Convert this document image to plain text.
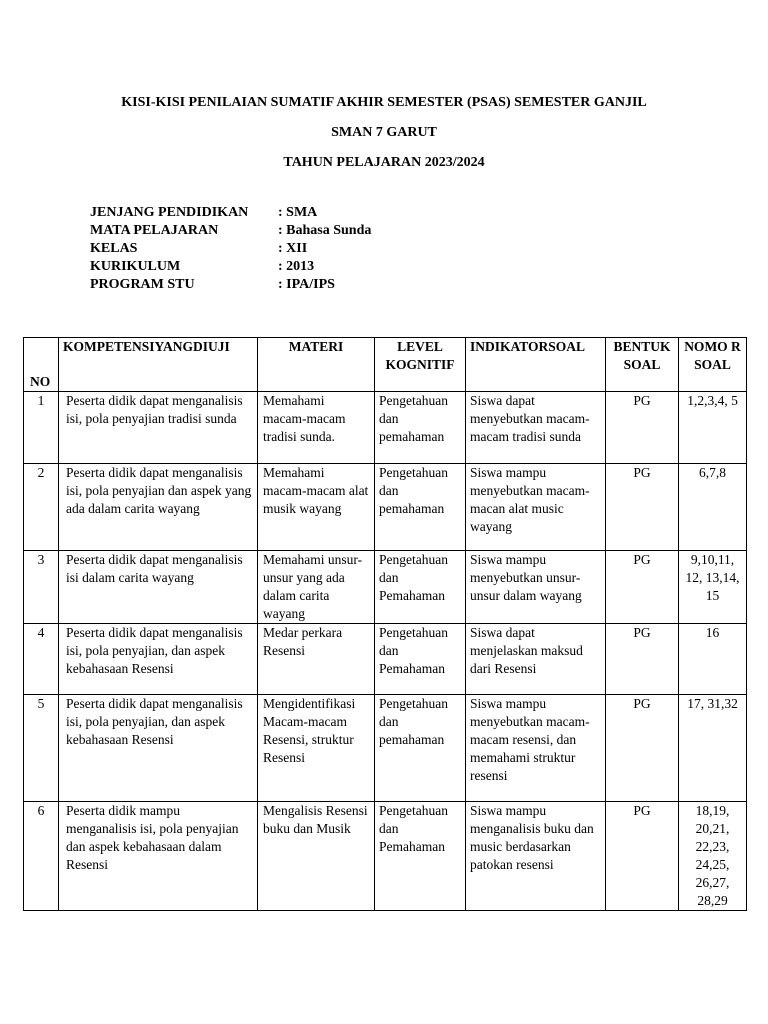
KISI-KISI PENILAIAN SUMATIF AKHIR SEMESTER (PSAS) SEMESTER GANJIL
SMAN 7 GARUT
TAHUN PELAJARAN 2023/2024
JENJANG PENDIDIKAN	: SMA
MATA PELAJARAN	: Bahasa Sunda
KELAS	: XII
KURIKULUM	: 2013
PROGRAM STU	: IPA/IPS
NO	KOMPETENSIYANGDIUJI	MATERI	LEVEL KOGNITIF	INDIKATORSOAL	BENTUK SOAL	NOMO R SOAL
1	Peserta didik dapat menganalisis isi, pola penyajian tradisi sunda	Memahami macam-macam tradisi sunda.	Pengetahuan dan pemahaman	Siswa dapat menyebutkan macam-macam tradisi sunda	PG	1,2,3,4, 5
2	Peserta didik dapat menganalisis isi, pola penyajian dan aspek yang ada dalam carita wayang	Memahami macam-macam alat musik wayang	Pengetahuan dan pemahaman	Siswa mampu menyebutkan macam-macan alat music wayang	PG	6,7,8
3	Peserta didik dapat menganalisis isi dalam carita wayang	Memahami unsur-unsur yang ada dalam carita wayang	Pengetahuan dan Pemahaman	Siswa mampu menyebutkan unsur-unsur dalam wayang	PG	9,10,11, 12, 13,14, 15
4	Peserta didik dapat menganalisis isi, pola penyajian, dan aspek kebahasaan Resensi	Medar perkara Resensi	Pengetahuan dan Pemahaman	Siswa dapat menjelaskan maksud dari Resensi	PG	16
5	Peserta didik dapat menganalisis isi, pola penyajian, dan aspek kebahasaan Resensi	Mengidentifikasi Macam-macam Resensi, struktur Resensi	Pengetahuan dan pemahaman	Siswa mampu menyebutkan macam-macam resensi, dan memahami struktur resensi	PG	17, 31,32
6	Peserta didik mampu menganalisis isi, pola penyajian dan aspek kebahasaan dalam Resensi	Mengalisis Resensi buku dan Musik	Pengetahuan dan Pemahaman	Siswa mampu menganalisis buku dan music berdasarkan patokan resensi	PG	18,19, 20,21, 22,23, 24,25, 26,27, 28,29
